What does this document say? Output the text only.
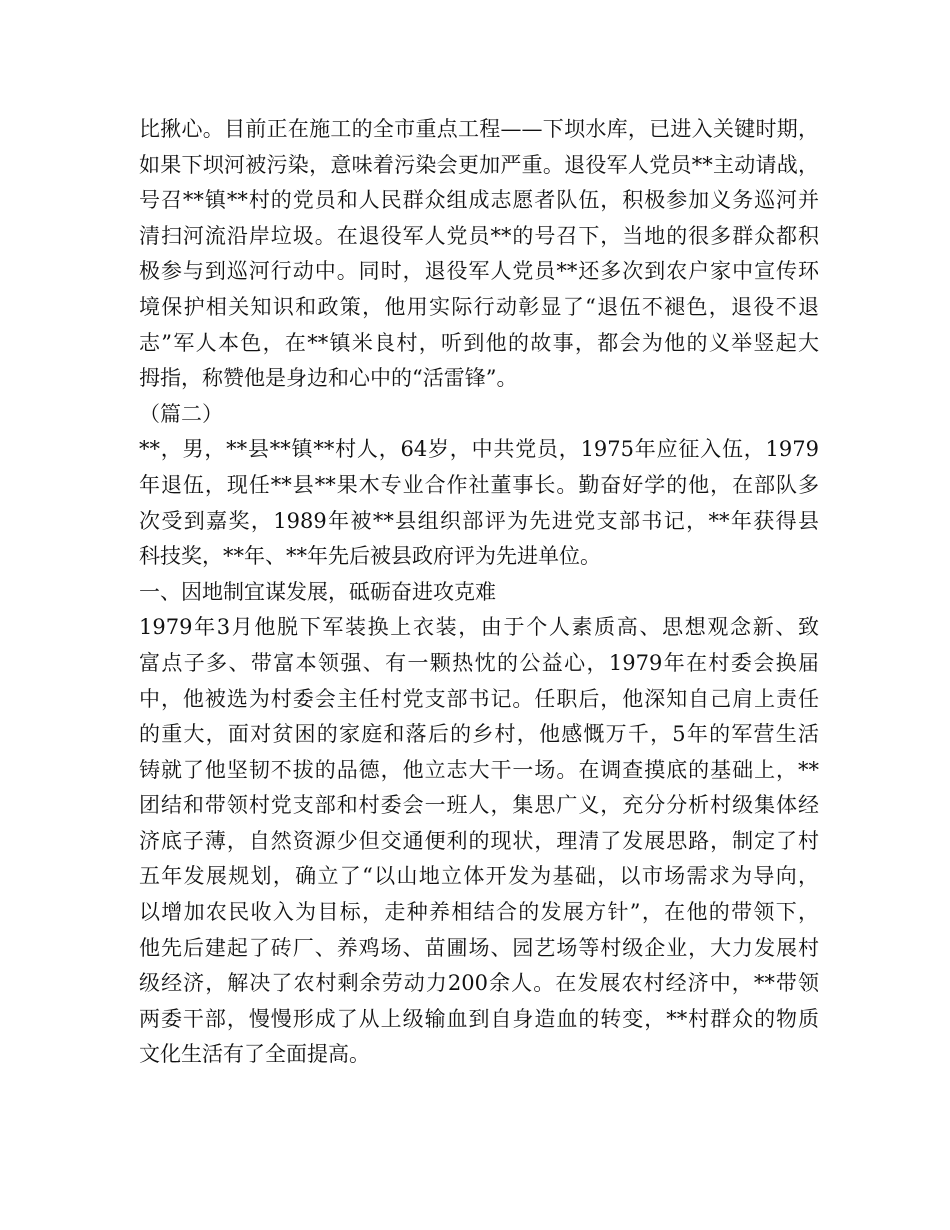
比揪心。目前正在施工的全市重点工程——下坝水库，已进入关键时期，
如果下坝河被污染，意味着污染会更加严重。退役军人党员**主动请战，
号召**镇**村的党员和人民群众组成志愿者队伍，积极参加义务巡河并
清扫河流沿岸垃圾。在退役军人党员**的号召下，当地的很多群众都积
极参与到巡河行动中。同时，退役军人党员**还多次到农户家中宣传环
境保护相关知识和政策，他用实际行动彰显了“退伍不褪色，退役不退
志”军人本色，在**镇米良村，听到他的故事，都会为他的义举竖起大
拇指，称赞他是身边和心中的“活雷锋”。
（篇二）
**，男，**县**镇**村人，64岁，中共党员，1975年应征入伍，1979
年退伍，现任**县**果木专业合作社董事长。勤奋好学的他，在部队多
次受到嘉奖，1989年被**县组织部评为先进党支部书记，**年获得县
科技奖，**年、**年先后被县政府评为先进单位。
一、因地制宜谋发展，砥砺奋进攻克难
1979年3月他脱下军装换上衣装，由于个人素质高、思想观念新、致
富点子多、带富本领强、有一颗热忱的公益心，1979年在村委会换届
中，他被选为村委会主任村党支部书记。任职后，他深知自己肩上责任
的重大，面对贫困的家庭和落后的乡村，他感慨万千，5年的军营生活
铸就了他坚韧不拔的品德，他立志大干一场。在调查摸底的基础上，**
团结和带领村党支部和村委会一班人，集思广义，充分分析村级集体经
济底子薄，自然资源少但交通便利的现状，理清了发展思路，制定了村
五年发展规划，确立了“以山地立体开发为基础，以市场需求为导向，
以增加农民收入为目标，走种养相结合的发展方针”，在他的带领下，
他先后建起了砖厂、养鸡场、苗圃场、园艺场等村级企业，大力发展村
级经济，解决了农村剩余劳动力200余人。在发展农村经济中，**带领
两委干部，慢慢形成了从上级输血到自身造血的转变，**村群众的物质
文化生活有了全面提高。
